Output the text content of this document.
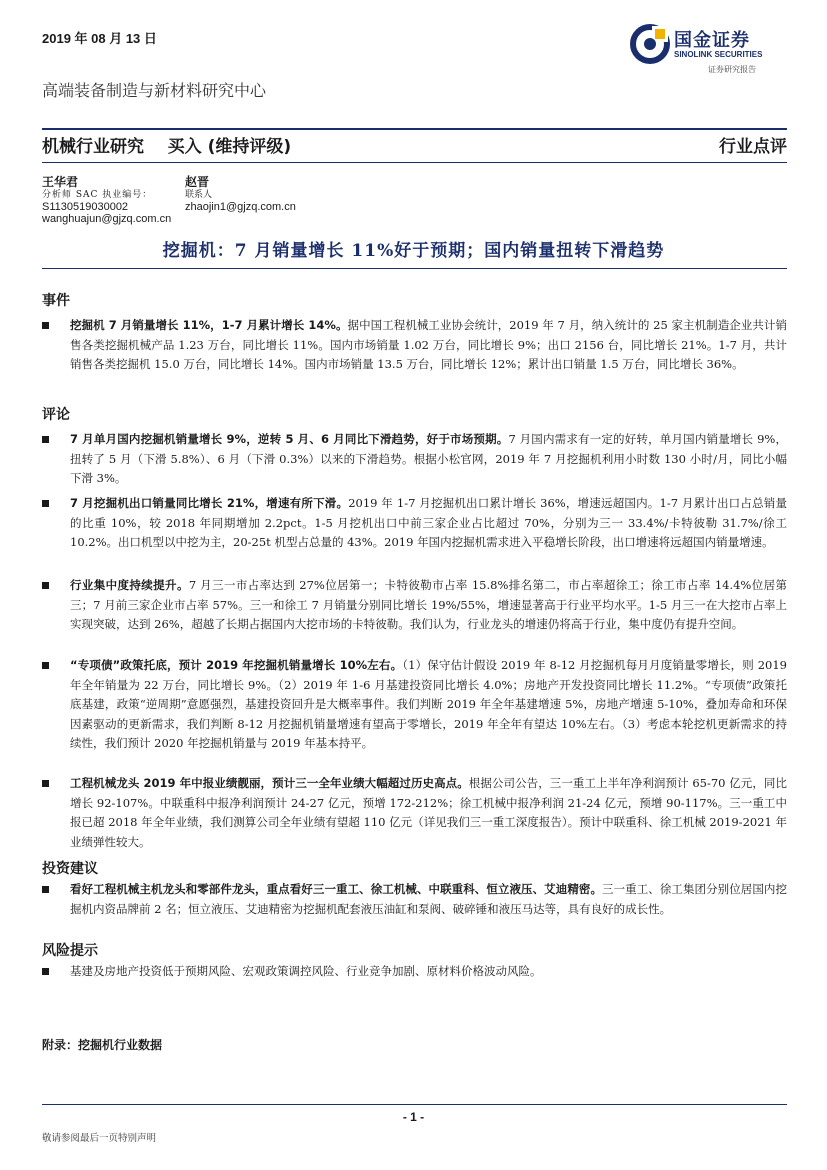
2019 年 08 月 13 日	国金证券
SINOLINK SECURITIES
证券研究报告
高端装备制造与新材料研究中心
机械行业研究    买入 (维持评级)	行业点评
王华君
分析师 SAC 执业编号：
S1130519030002
wanghuajun@gjzq.com.cn
赵晋
联系人
zhaojin1@gjzq.com.cn
挖掘机：7 月销量增长 11%好于预期；国内销量扭转下滑趋势
事件

挖掘机 7 月销量增长 11%，1-7 月累计增长 14%。据中国工程机械工业协会统计，2019 年 7 月，纳入统计的 25 家主机制造企业共计销售各类挖掘机械产品 1.23 万台，同比增长 11%。国内市场销量 1.02 万台，同比增长 9%；出口 2156 台，同比增长 21%。1-7 月，共计销售各类挖掘机 15.0 万台，同比增长 14%。国内市场销量 13.5 万台，同比增长 12%；累计出口销量 1.5 万台，同比增长 36%。

评论

7 月单月国内挖掘机销量增长 9%，逆转 5 月、6 月同比下滑趋势，好于市场预期。7 月国内需求有一定的好转，单月国内销量增长 9%，扭转了 5 月（下滑 5.8%）、6 月（下滑 0.3%）以来的下滑趋势。根据小松官网，2019 年 7 月挖掘机利用小时数 130 小时/月，同比小幅下滑 3%。

7 月挖掘机出口销量同比增长 21%，增速有所下滑。2019 年 1-7 月挖掘机出口累计增长 36%，增速远超国内。1-7 月累计出口占总销量的比重 10%，较 2018 年同期增加 2.2pct。1-5 月挖机出口中前三家企业占比超过 70%，分别为三一 33.4%/卡特彼勒 31.7%/徐工 10.2%。出口机型以中挖为主，20-25t 机型占总量的 43%。2019 年国内挖掘机需求进入平稳增长阶段，出口增速将远超国内销量增速。

行业集中度持续提升。7 月三一市占率达到 27%位居第一；卡特彼勒市占率 15.8%排名第二，市占率超徐工；徐工市占率 14.4%位居第三；7 月前三家企业市占率 57%。三一和徐工 7 月销量分别同比增长 19%/55%，增速显著高于行业平均水平。1-5 月三一在大挖市占率上实现突破，达到 26%，超越了长期占据国内大挖市场的卡特彼勒。我们认为，行业龙头的增速仍将高于行业，集中度仍有提升空间。

“专项债”政策托底，预计 2019 年挖掘机销量增长 10%左右。（1）保守估计假设 2019 年 8-12 月挖掘机每月月度销量零增长，则 2019 年全年销量为 22 万台，同比增长 9%。（2）2019 年 1-6 月基建投资同比增长 4.0%；房地产开发投资同比增长 11.2%。“专项债”政策托底基建，政策“逆周期”意愿强烈，基建投资回升是大概率事件。我们判断 2019 年全年基建增速 5%，房地产增速 5-10%，叠加寿命和环保因素驱动的更新需求，我们判断 8-12 月挖掘机销量增速有望高于零增长，2019 年全年有望达 10%左右。（3）考虑本轮挖机更新需求的持续性，我们预计 2020 年挖掘机销量与 2019 年基本持平。

工程机械龙头 2019 年中报业绩靓丽，预计三一全年业绩大幅超过历史高点。根据公司公告，三一重工上半年净利润预计 65-70 亿元，同比增长 92-107%。中联重科中报净利润预计 24-27 亿元，预增 172-212%；徐工机械中报净利润 21-24 亿元，预增 90-117%。三一重工中报已超 2018 年全年业绩，我们测算公司全年业绩有望超 110 亿元（详见我们三一重工深度报告）。预计中联重科、徐工机械 2019-2021 年业绩弹性较大。

投资建议

看好工程机械主机龙头和零部件龙头，重点看好三一重工、徐工机械、中联重科、恒立液压、艾迪精密。三一重工、徐工集团分别位居国内挖掘机内资品牌前 2 名；恒立液压、艾迪精密为挖掘机配套液压油缸和泵阀、破碎锤和液压马达等，具有良好的成长性。

风险提示

基建及房地产投资低于预期风险、宏观政策调控风险、行业竞争加剧、原材料价格波动风险。

附录：挖掘机行业数据
- 1 -
敬请参阅最后一页特别声明
